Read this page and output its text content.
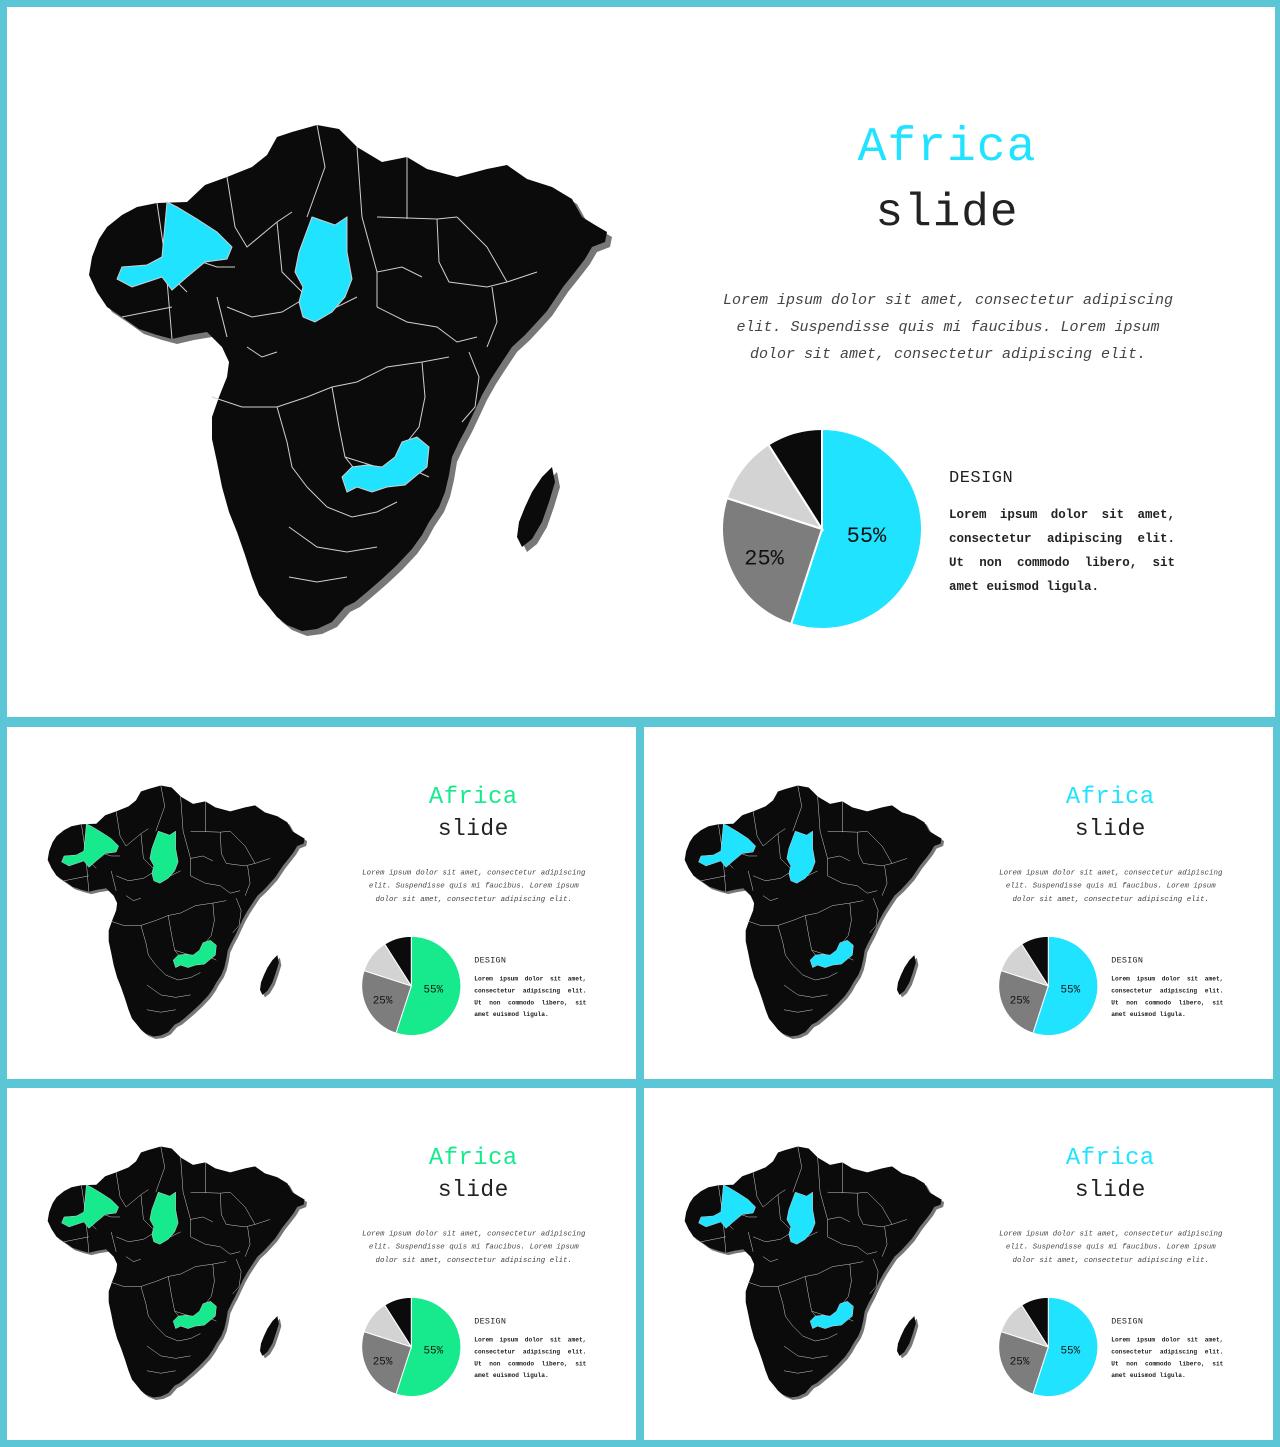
Africa
slide
Lorem ipsum dolor sit amet, consectetur adipiscing elit. Suspendisse quis mi faucibus. Lorem ipsum dolor sit amet, consectetur adipiscing elit.
55%
25%
DESIGN
Lorem ipsum dolor sit amet, consectetur adipiscing elit. Ut non commodo libero, sit amet euismod ligula.
Africa
slide
Lorem ipsum dolor sit amet, consectetur adipiscing elit. Suspendisse quis mi faucibus. Lorem ipsum dolor sit amet, consectetur adipiscing elit.
55%
25%
DESIGN
Lorem ipsum dolor sit amet, consectetur adipiscing elit. Ut non commodo libero, sit amet euismod ligula.
Africa
slide
Lorem ipsum dolor sit amet, consectetur adipiscing elit. Suspendisse quis mi faucibus. Lorem ipsum dolor sit amet, consectetur adipiscing elit.
55%
25%
DESIGN
Lorem ipsum dolor sit amet, consectetur adipiscing elit. Ut non commodo libero, sit amet euismod ligula.
Africa
slide
Lorem ipsum dolor sit amet, consectetur adipiscing elit. Suspendisse quis mi faucibus. Lorem ipsum dolor sit amet, consectetur adipiscing elit.
55%
25%
DESIGN
Lorem ipsum dolor sit amet, consectetur adipiscing elit. Ut non commodo libero, sit amet euismod ligula.
Africa
slide
Lorem ipsum dolor sit amet, consectetur adipiscing elit. Suspendisse quis mi faucibus. Lorem ipsum dolor sit amet, consectetur adipiscing elit.
55%
25%
DESIGN
Lorem ipsum dolor sit amet, consectetur adipiscing elit. Ut non commodo libero, sit amet euismod ligula.
